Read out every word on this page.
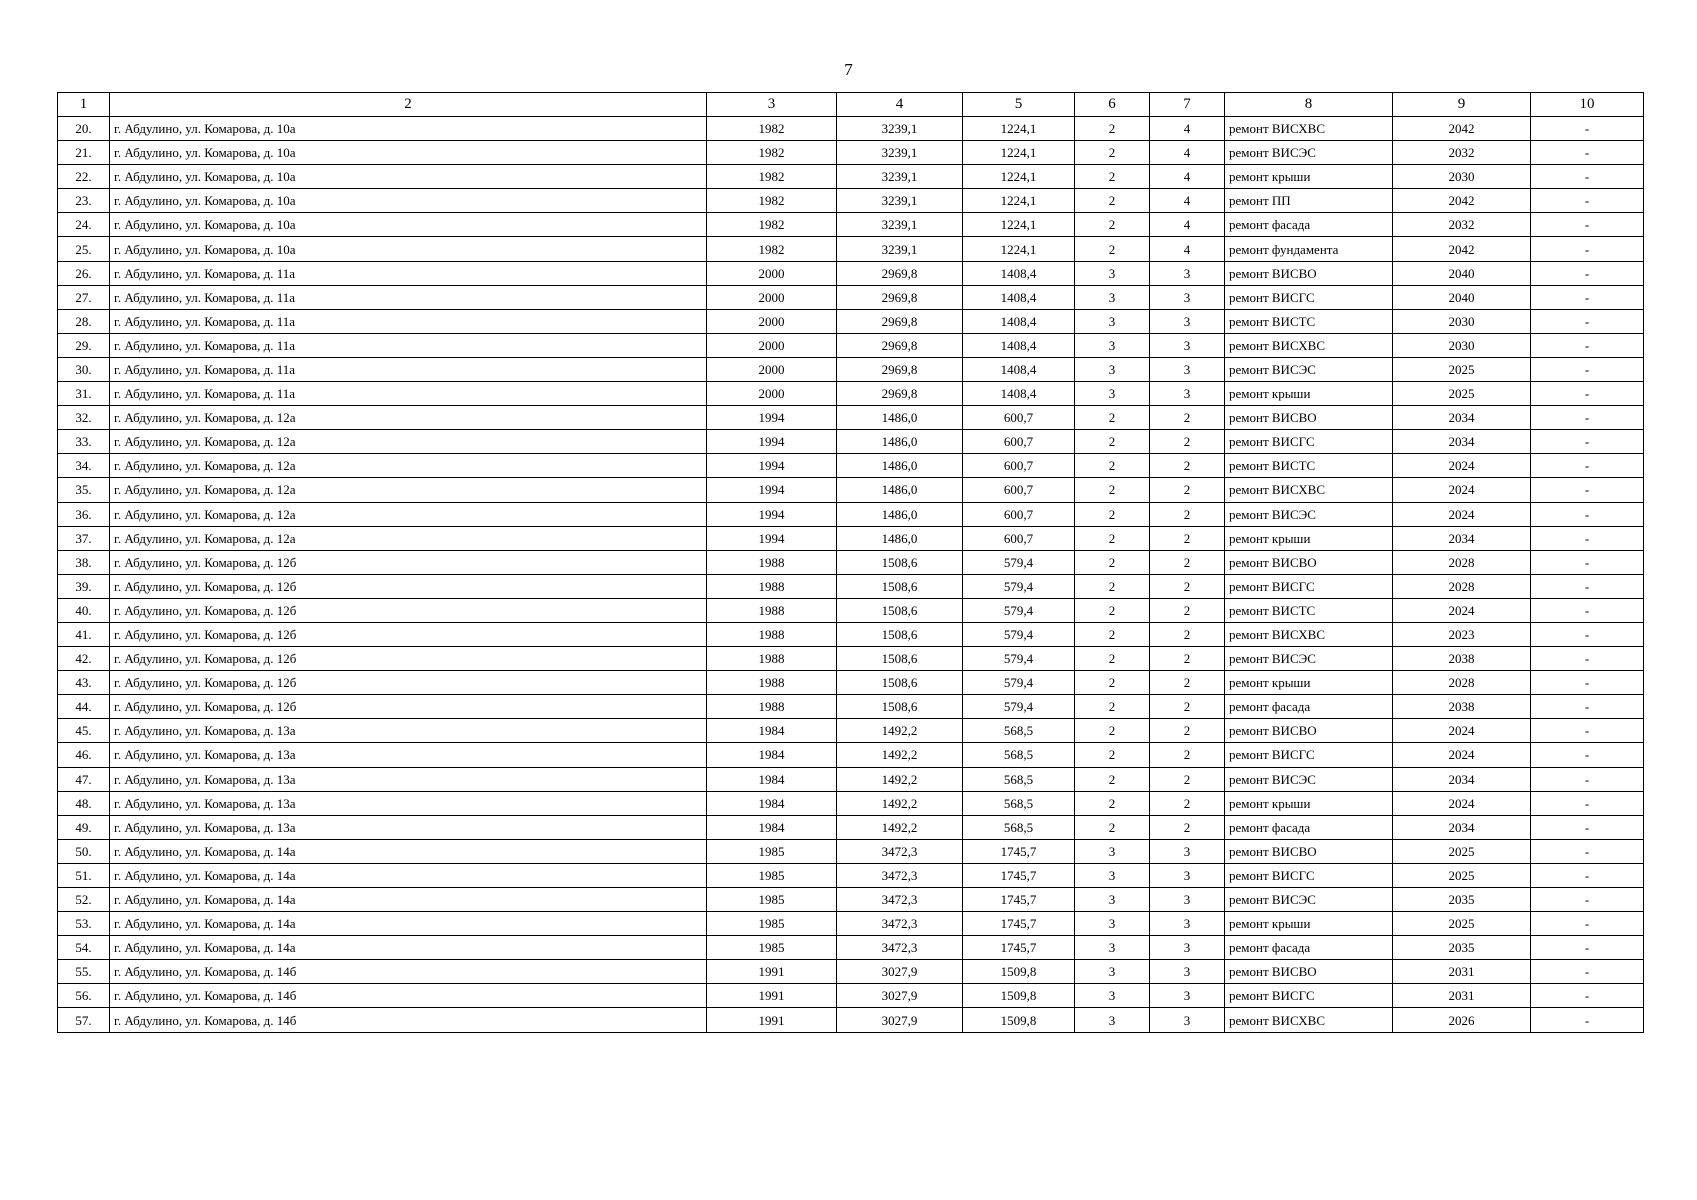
7
1	2	3	4	5	6	7	8	9	10
20.	г. Абдулино, ул. Комарова, д. 10а	1982	3239,1	1224,1	2	4	ремонт ВИСХВС	2042	-
21.	г. Абдулино, ул. Комарова, д. 10а	1982	3239,1	1224,1	2	4	ремонт ВИСЭС	2032	-
22.	г. Абдулино, ул. Комарова, д. 10а	1982	3239,1	1224,1	2	4	ремонт крыши	2030	-
23.	г. Абдулино, ул. Комарова, д. 10а	1982	3239,1	1224,1	2	4	ремонт ПП	2042	-
24.	г. Абдулино, ул. Комарова, д. 10а	1982	3239,1	1224,1	2	4	ремонт фасада	2032	-
25.	г. Абдулино, ул. Комарова, д. 10а	1982	3239,1	1224,1	2	4	ремонт фундамента	2042	-
26.	г. Абдулино, ул. Комарова, д. 11а	2000	2969,8	1408,4	3	3	ремонт ВИСВО	2040	-
27.	г. Абдулино, ул. Комарова, д. 11а	2000	2969,8	1408,4	3	3	ремонт ВИСГС	2040	-
28.	г. Абдулино, ул. Комарова, д. 11а	2000	2969,8	1408,4	3	3	ремонт ВИСТС	2030	-
29.	г. Абдулино, ул. Комарова, д. 11а	2000	2969,8	1408,4	3	3	ремонт ВИСХВС	2030	-
30.	г. Абдулино, ул. Комарова, д. 11а	2000	2969,8	1408,4	3	3	ремонт ВИСЭС	2025	-
31.	г. Абдулино, ул. Комарова, д. 11а	2000	2969,8	1408,4	3	3	ремонт крыши	2025	-
32.	г. Абдулино, ул. Комарова, д. 12а	1994	1486,0	600,7	2	2	ремонт ВИСВО	2034	-
33.	г. Абдулино, ул. Комарова, д. 12а	1994	1486,0	600,7	2	2	ремонт ВИСГС	2034	-
34.	г. Абдулино, ул. Комарова, д. 12а	1994	1486,0	600,7	2	2	ремонт ВИСТС	2024	-
35.	г. Абдулино, ул. Комарова, д. 12а	1994	1486,0	600,7	2	2	ремонт ВИСХВС	2024	-
36.	г. Абдулино, ул. Комарова, д. 12а	1994	1486,0	600,7	2	2	ремонт ВИСЭС	2024	-
37.	г. Абдулино, ул. Комарова, д. 12а	1994	1486,0	600,7	2	2	ремонт крыши	2034	-
38.	г. Абдулино, ул. Комарова, д. 12б	1988	1508,6	579,4	2	2	ремонт ВИСВО	2028	-
39.	г. Абдулино, ул. Комарова, д. 12б	1988	1508,6	579,4	2	2	ремонт ВИСГС	2028	-
40.	г. Абдулино, ул. Комарова, д. 12б	1988	1508,6	579,4	2	2	ремонт ВИСТС	2024	-
41.	г. Абдулино, ул. Комарова, д. 12б	1988	1508,6	579,4	2	2	ремонт ВИСХВС	2023	-
42.	г. Абдулино, ул. Комарова, д. 12б	1988	1508,6	579,4	2	2	ремонт ВИСЭС	2038	-
43.	г. Абдулино, ул. Комарова, д. 12б	1988	1508,6	579,4	2	2	ремонт крыши	2028	-
44.	г. Абдулино, ул. Комарова, д. 12б	1988	1508,6	579,4	2	2	ремонт фасада	2038	-
45.	г. Абдулино, ул. Комарова, д. 13а	1984	1492,2	568,5	2	2	ремонт ВИСВО	2024	-
46.	г. Абдулино, ул. Комарова, д. 13а	1984	1492,2	568,5	2	2	ремонт ВИСГС	2024	-
47.	г. Абдулино, ул. Комарова, д. 13а	1984	1492,2	568,5	2	2	ремонт ВИСЭС	2034	-
48.	г. Абдулино, ул. Комарова, д. 13а	1984	1492,2	568,5	2	2	ремонт крыши	2024	-
49.	г. Абдулино, ул. Комарова, д. 13а	1984	1492,2	568,5	2	2	ремонт фасада	2034	-
50.	г. Абдулино, ул. Комарова, д. 14а	1985	3472,3	1745,7	3	3	ремонт ВИСВО	2025	-
51.	г. Абдулино, ул. Комарова, д. 14а	1985	3472,3	1745,7	3	3	ремонт ВИСГС	2025	-
52.	г. Абдулино, ул. Комарова, д. 14а	1985	3472,3	1745,7	3	3	ремонт ВИСЭС	2035	-
53.	г. Абдулино, ул. Комарова, д. 14а	1985	3472,3	1745,7	3	3	ремонт крыши	2025	-
54.	г. Абдулино, ул. Комарова, д. 14а	1985	3472,3	1745,7	3	3	ремонт фасада	2035	-
55.	г. Абдулино, ул. Комарова, д. 14б	1991	3027,9	1509,8	3	3	ремонт ВИСВО	2031	-
56.	г. Абдулино, ул. Комарова, д. 14б	1991	3027,9	1509,8	3	3	ремонт ВИСГС	2031	-
57.	г. Абдулино, ул. Комарова, д. 14б	1991	3027,9	1509,8	3	3	ремонт ВИСХВС	2026	-
